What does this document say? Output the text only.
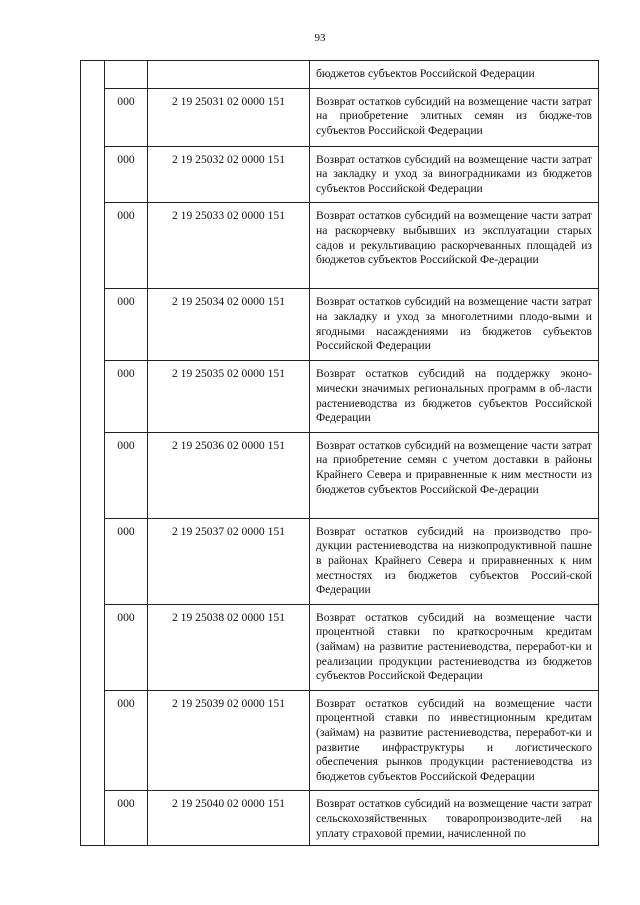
93
			бюджетов субъектов Российской Федерации
	000	2 19 25031 02 0000 151	Возврат остатков субсидий на возмещение части затрат на приобретение элитных семян из бюдже-тов субъектов Российской Федерации
	000	2 19 25032 02 0000 151	Возврат остатков субсидий на возмещение части затрат на закладку и уход за виноградниками из бюджетов субъектов Российской Федерации
	000	2 19 25033 02 0000 151	Возврат остатков субсидий на возмещение части затрат на раскорчевку выбывших из эксплуатации старых садов и рекультивацию раскорчеванных площадей из бюджетов субъектов Российской Фе-дерации
	000	2 19 25034 02 0000 151	Возврат остатков субсидий на возмещение части затрат на закладку и уход за многолетними плодо-выми и ягодными насаждениями из бюджетов субъектов Российской Федерации
	000	2 19 25035 02 0000 151	Возврат остатков субсидий на поддержку эконо-мически значимых региональных программ в об-ласти растениеводства из бюджетов субъектов Российской Федерации
	000	2 19 25036 02 0000 151	Возврат остатков субсидий на возмещение части затрат на приобретение семян с учетом доставки в районы Крайнего Севера и приравненные к ним местности из бюджетов субъектов Российской Фе-дерации
	000	2 19 25037 02 0000 151	Возврат остатков субсидий на производство про-дукции растениеводства на низкопродуктивной пашне в районах Крайнего Севера и приравненных к ним местностях из бюджетов субъектов Россий-ской Федерации
	000	2 19 25038 02 0000 151	Возврат остатков субсидий на возмещение части процентной ставки по краткосрочным кредитам (займам) на развитие растениеводства, переработ-ки и реализации продукции растениеводства из бюджетов субъектов Российской Федерации
	000	2 19 25039 02 0000 151	Возврат остатков субсидий на возмещение части процентной ставки по инвестиционным кредитам (займам) на развитие растениеводства, переработ-ки и развитие инфраструктуры и логистического обеспечения рынков продукции растениеводства из бюджетов субъектов Российской Федерации
	000	2 19 25040 02 0000 151	Возврат остатков субсидий на возмещение части затрат сельскохозяйственных товаропроизводите-лей на уплату страховой премии, начисленной по
